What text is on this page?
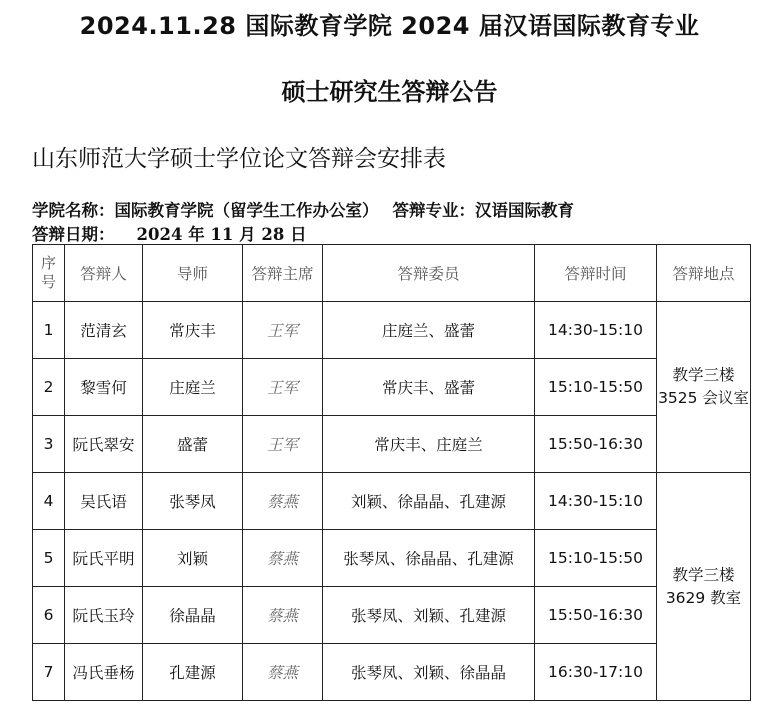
2024.11.28 国际教育学院 2024 届汉语国际教育专业
硕士研究生答辩公告
山东师范大学硕士学位论文答辩会安排表
学院名称：国际教育学院（留学生工作办公室） 答辩专业：汉语国际教育
答辩日期： 2024 年 11 月 28 日
序
号	答辩人	导师	答辩主席	答辩委员	答辩时间	答辩地点
1	范清玄	常庆丰	王军	庄庭兰、盛蕾	14:30-15:10	教学三楼
3525 会议室
2	黎雪何	庄庭兰	王军	常庆丰、盛蕾	15:10-15:50	
3	阮氏翠安	盛蕾	王军	常庆丰、庄庭兰	15:50-16:30	
4	吴氏语	张琴凤	蔡燕	刘颖、徐晶晶、孔建源	14:30-15:10	教学三楼
3629 教室
5	阮氏平明	刘颖	蔡燕	张琴凤、徐晶晶、孔建源	15:10-15:50	
6	阮氏玉玲	徐晶晶	蔡燕	张琴凤、刘颖、孔建源	15:50-16:30	
7	冯氏垂杨	孔建源	蔡燕	张琴凤、刘颖、徐晶晶	16:30-17:10	
